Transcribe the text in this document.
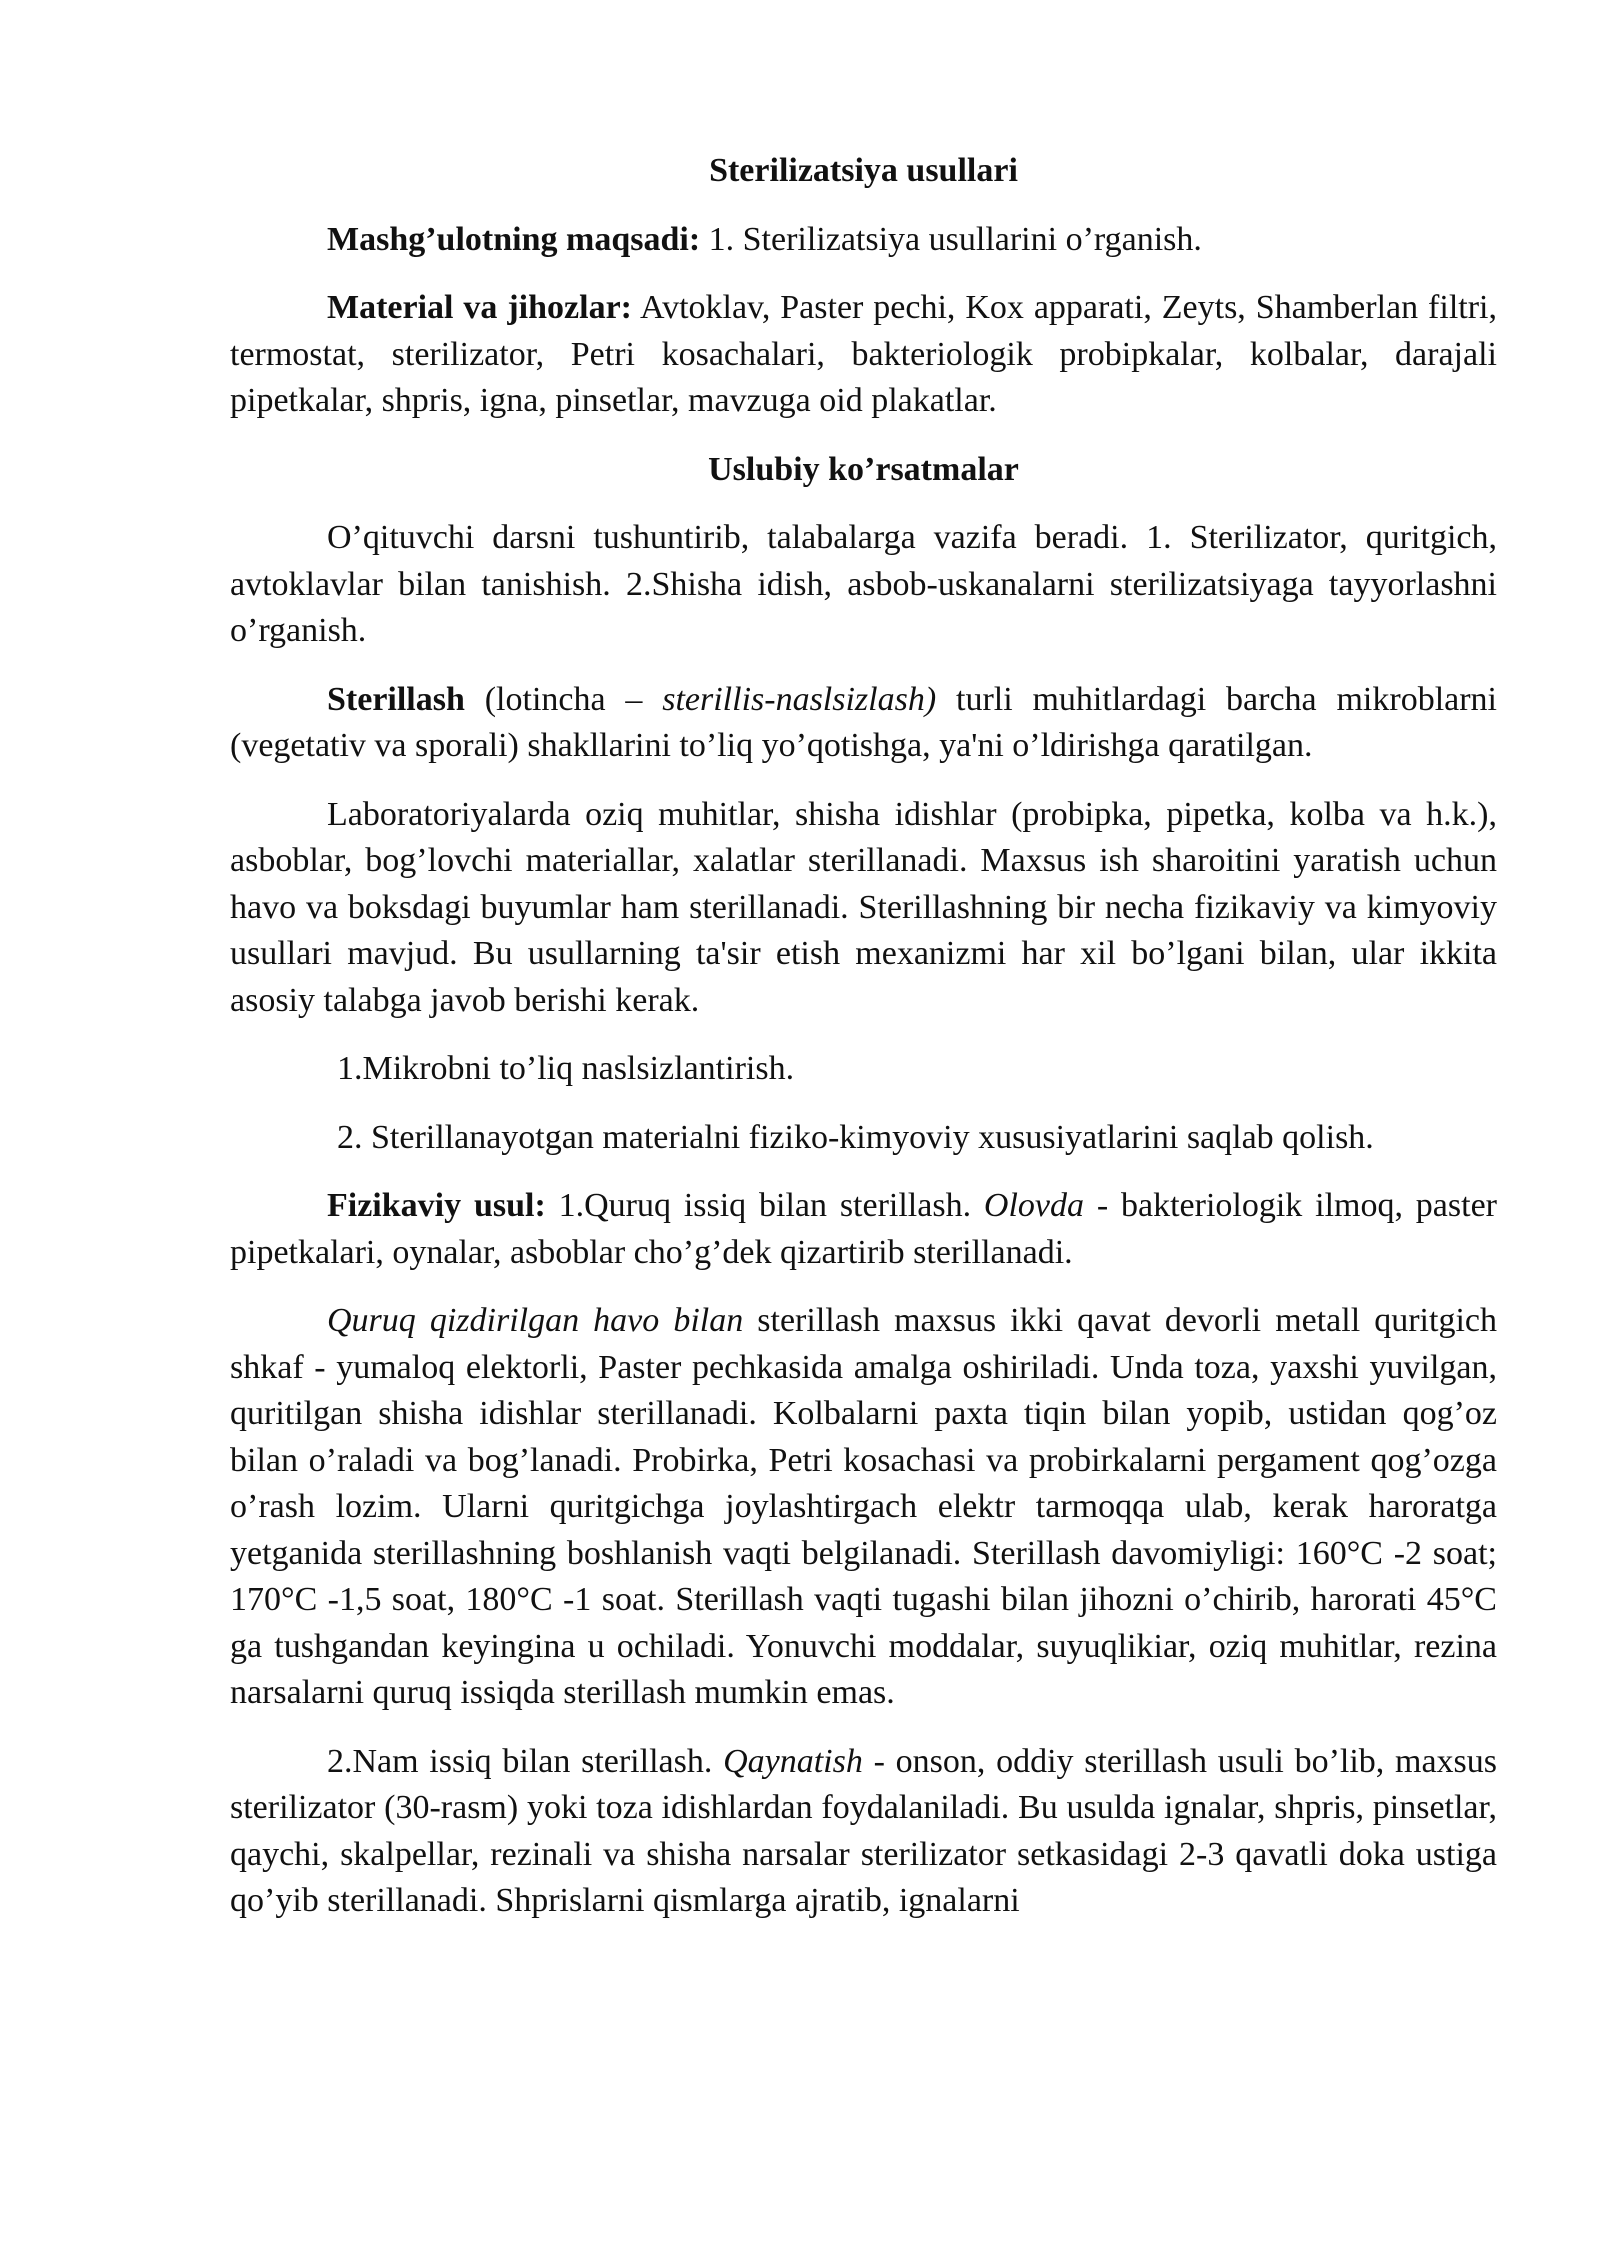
Sterilizatsiya usullari

Mashg’ulotning maqsadi: 1. Sterilizatsiya usullarini o’rganish.

Material va jihozlar: Avtoklav, Paster pechi, Kox apparati, Zeyts, Shamberlan filtri, termostat, sterilizator, Petri kosachalari, bakteriologik probipkalar, kolbalar, darajali pipetkalar, shpris, igna, pinsetlar, mavzuga oid plakatlar.

Uslubiy ko’rsatmalar

O’qituvchi darsni tushuntirib, talabalarga vazifa beradi. 1. Sterilizator, quritgich, avtoklavlar bilan tanishish. 2.Shisha idish, asbob-uskanalarni sterilizatsiyaga tayyorlashni o’rganish.

Sterillash (lotincha – sterillis-naslsizlash) turli muhitlardagi barcha mikroblarni (vegetativ va sporali) shakllarini to’liq yo’qotishga, ya'ni o’ldirishga qaratilgan.

Laboratoriyalarda oziq muhitlar, shisha idishlar (probipka, pipetka, kolba va h.k.), asboblar, bog’lovchi materiallar, xalatlar sterillanadi. Maxsus ish sharoitini yaratish uchun havo va boksdagi buyumlar ham sterillanadi. Sterillashning bir necha fizikaviy va kimyoviy usullari mavjud. Bu usullarning ta'sir etish mexanizmi har xil bo’lgani bilan, ular ikkita asosiy talabga javob berishi kerak.

1.Mikrobni to’liq naslsizlantirish.

2. Sterillanayotgan materialni fiziko-kimyoviy xususiyatlarini saqlab qolish.

Fizikaviy usul: 1.Quruq issiq bilan sterillash. Olovda - bakteriologik ilmoq, paster pipetkalari, oynalar, asboblar cho’g’dek qizartirib sterillanadi.

Quruq qizdirilgan havo bilan sterillash maxsus ikki qavat devorli metall quritgich shkaf - yumaloq elektorli, Paster pechkasida amalga oshiriladi. Unda toza, yaxshi yuvilgan, quritilgan shisha idishlar sterillanadi. Kolbalarni paxta tiqin bilan yopib, ustidan qog’oz bilan o’raladi va bog’lanadi. Probirka, Petri kosachasi va probirkalarni pergament qog’ozga o’rash lozim. Ularni quritgichga joylashtirgach elektr tarmoqqa ulab, kerak haroratga yetganida sterillashning boshlanish vaqti belgilanadi. Sterillash davomiyligi: 160°C -2 soat; 170°C -1,5 soat, 180°C -1 soat. Sterillash vaqti tugashi bilan jihozni o’chirib, harorati 45°C ga tushgandan keyingina u ochiladi. Yonuvchi moddalar, suyuqlikiar, oziq muhitlar, rezina narsalarni quruq issiqda sterillash mumkin emas.

2.Nam issiq bilan sterillash. Qaynatish - onson, oddiy sterillash usuli bo’lib, maxsus sterilizator (30-rasm) yoki toza idishlardan foydalaniladi. Bu usulda ignalar, shpris, pinsetlar, qaychi, skalpellar, rezinali va shisha narsalar sterilizator setkasidagi 2-3 qavatli doka ustiga qo’yib sterillanadi. Shprislarni qismlarga ajratib, ignalarni
